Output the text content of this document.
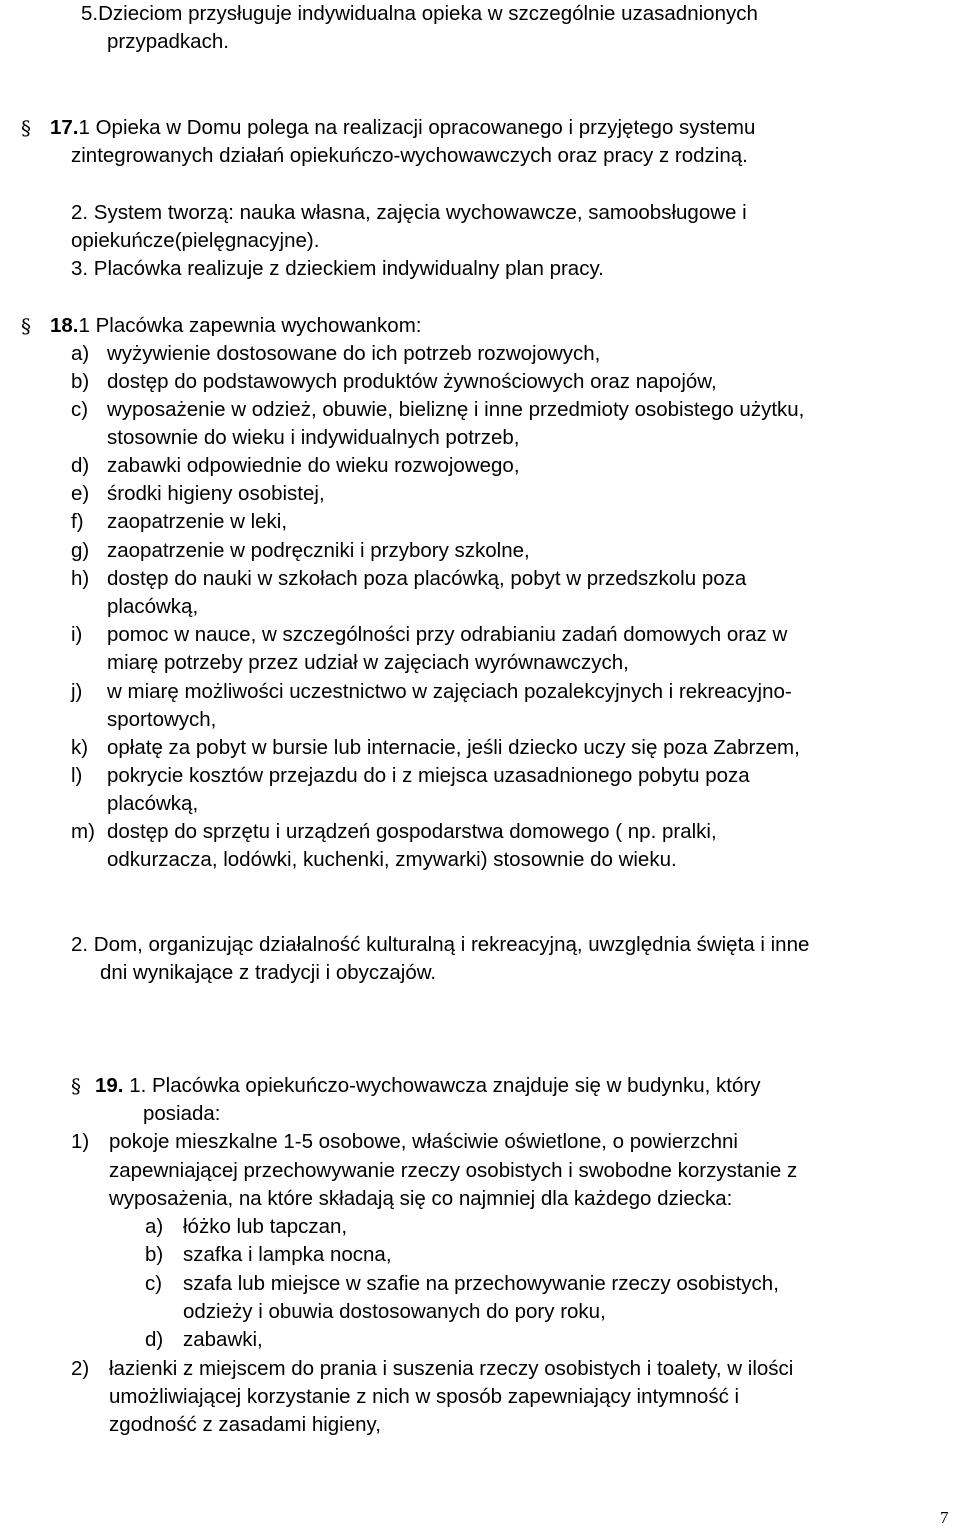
5.Dzieciom przysługuje indywidualna opieka w szczególnie uzasadnionych
przypadkach.
§ 17.1 Opieka w Domu polega na realizacji opracowanego i przyjętego systemu
zintegrowanych działań opiekuńczo-wychowawczych oraz pracy z rodziną.
2. System tworzą: nauka własna, zajęcia wychowawcze, samoobsługowe i
opiekuńcze(pielęgnacyjne).
3. Placówka realizuje z dzieckiem indywidualny plan pracy.
§ 18.1 Placówka zapewnia wychowankom:
a) wyżywienie dostosowane do ich potrzeb rozwojowych,
b) dostęp do podstawowych produktów żywnościowych oraz napojów,
c) wyposażenie w odzież, obuwie, bieliznę i inne przedmioty osobistego użytku,
stosownie do wieku i indywidualnych potrzeb,
d) zabawki odpowiednie do wieku rozwojowego,
e) środki higieny osobistej,
f) zaopatrzenie w leki,
g) zaopatrzenie w podręczniki i przybory szkolne,
h) dostęp do nauki w szkołach poza placówką, pobyt w przedszkolu poza
placówką,
i) pomoc w nauce, w szczególności przy odrabianiu zadań domowych oraz w
miarę potrzeby przez udział w zajęciach wyrównawczych,
j) w miarę możliwości uczestnictwo w zajęciach pozalekcyjnych i rekreacyjno-
sportowych,
k) opłatę za pobyt w bursie lub internacie, jeśli dziecko uczy się poza Zabrzem,
l) pokrycie kosztów przejazdu do i z miejsca uzasadnionego pobytu poza
placówką,
m) dostęp do sprzętu i urządzeń gospodarstwa domowego ( np. pralki,
odkurzacza, lodówki, kuchenki, zmywarki) stosownie do wieku.
2. Dom, organizując działalność kulturalną i rekreacyjną, uwzględnia święta i inne
dni wynikające z tradycji i obyczajów.
§ 19. 1. Placówka opiekuńczo-wychowawcza znajduje się w budynku, który
posiada:
1) pokoje mieszkalne 1-5 osobowe, właściwie oświetlone, o powierzchni
zapewniającej przechowywanie rzeczy osobistych i swobodne korzystanie z
wyposażenia, na które składają się co najmniej dla każdego dziecka:
a) łóżko lub tapczan,
b) szafka i lampka nocna,
c) szafa lub miejsce w szafie na przechowywanie rzeczy osobistych,
odzieży i obuwia dostosowanych do pory roku,
d) zabawki,
2) łazienki z miejscem do prania i suszenia rzeczy osobistych i toalety, w ilości
umożliwiającej korzystanie z nich w sposób zapewniający intymność i
zgodność z zasadami higieny,
7
